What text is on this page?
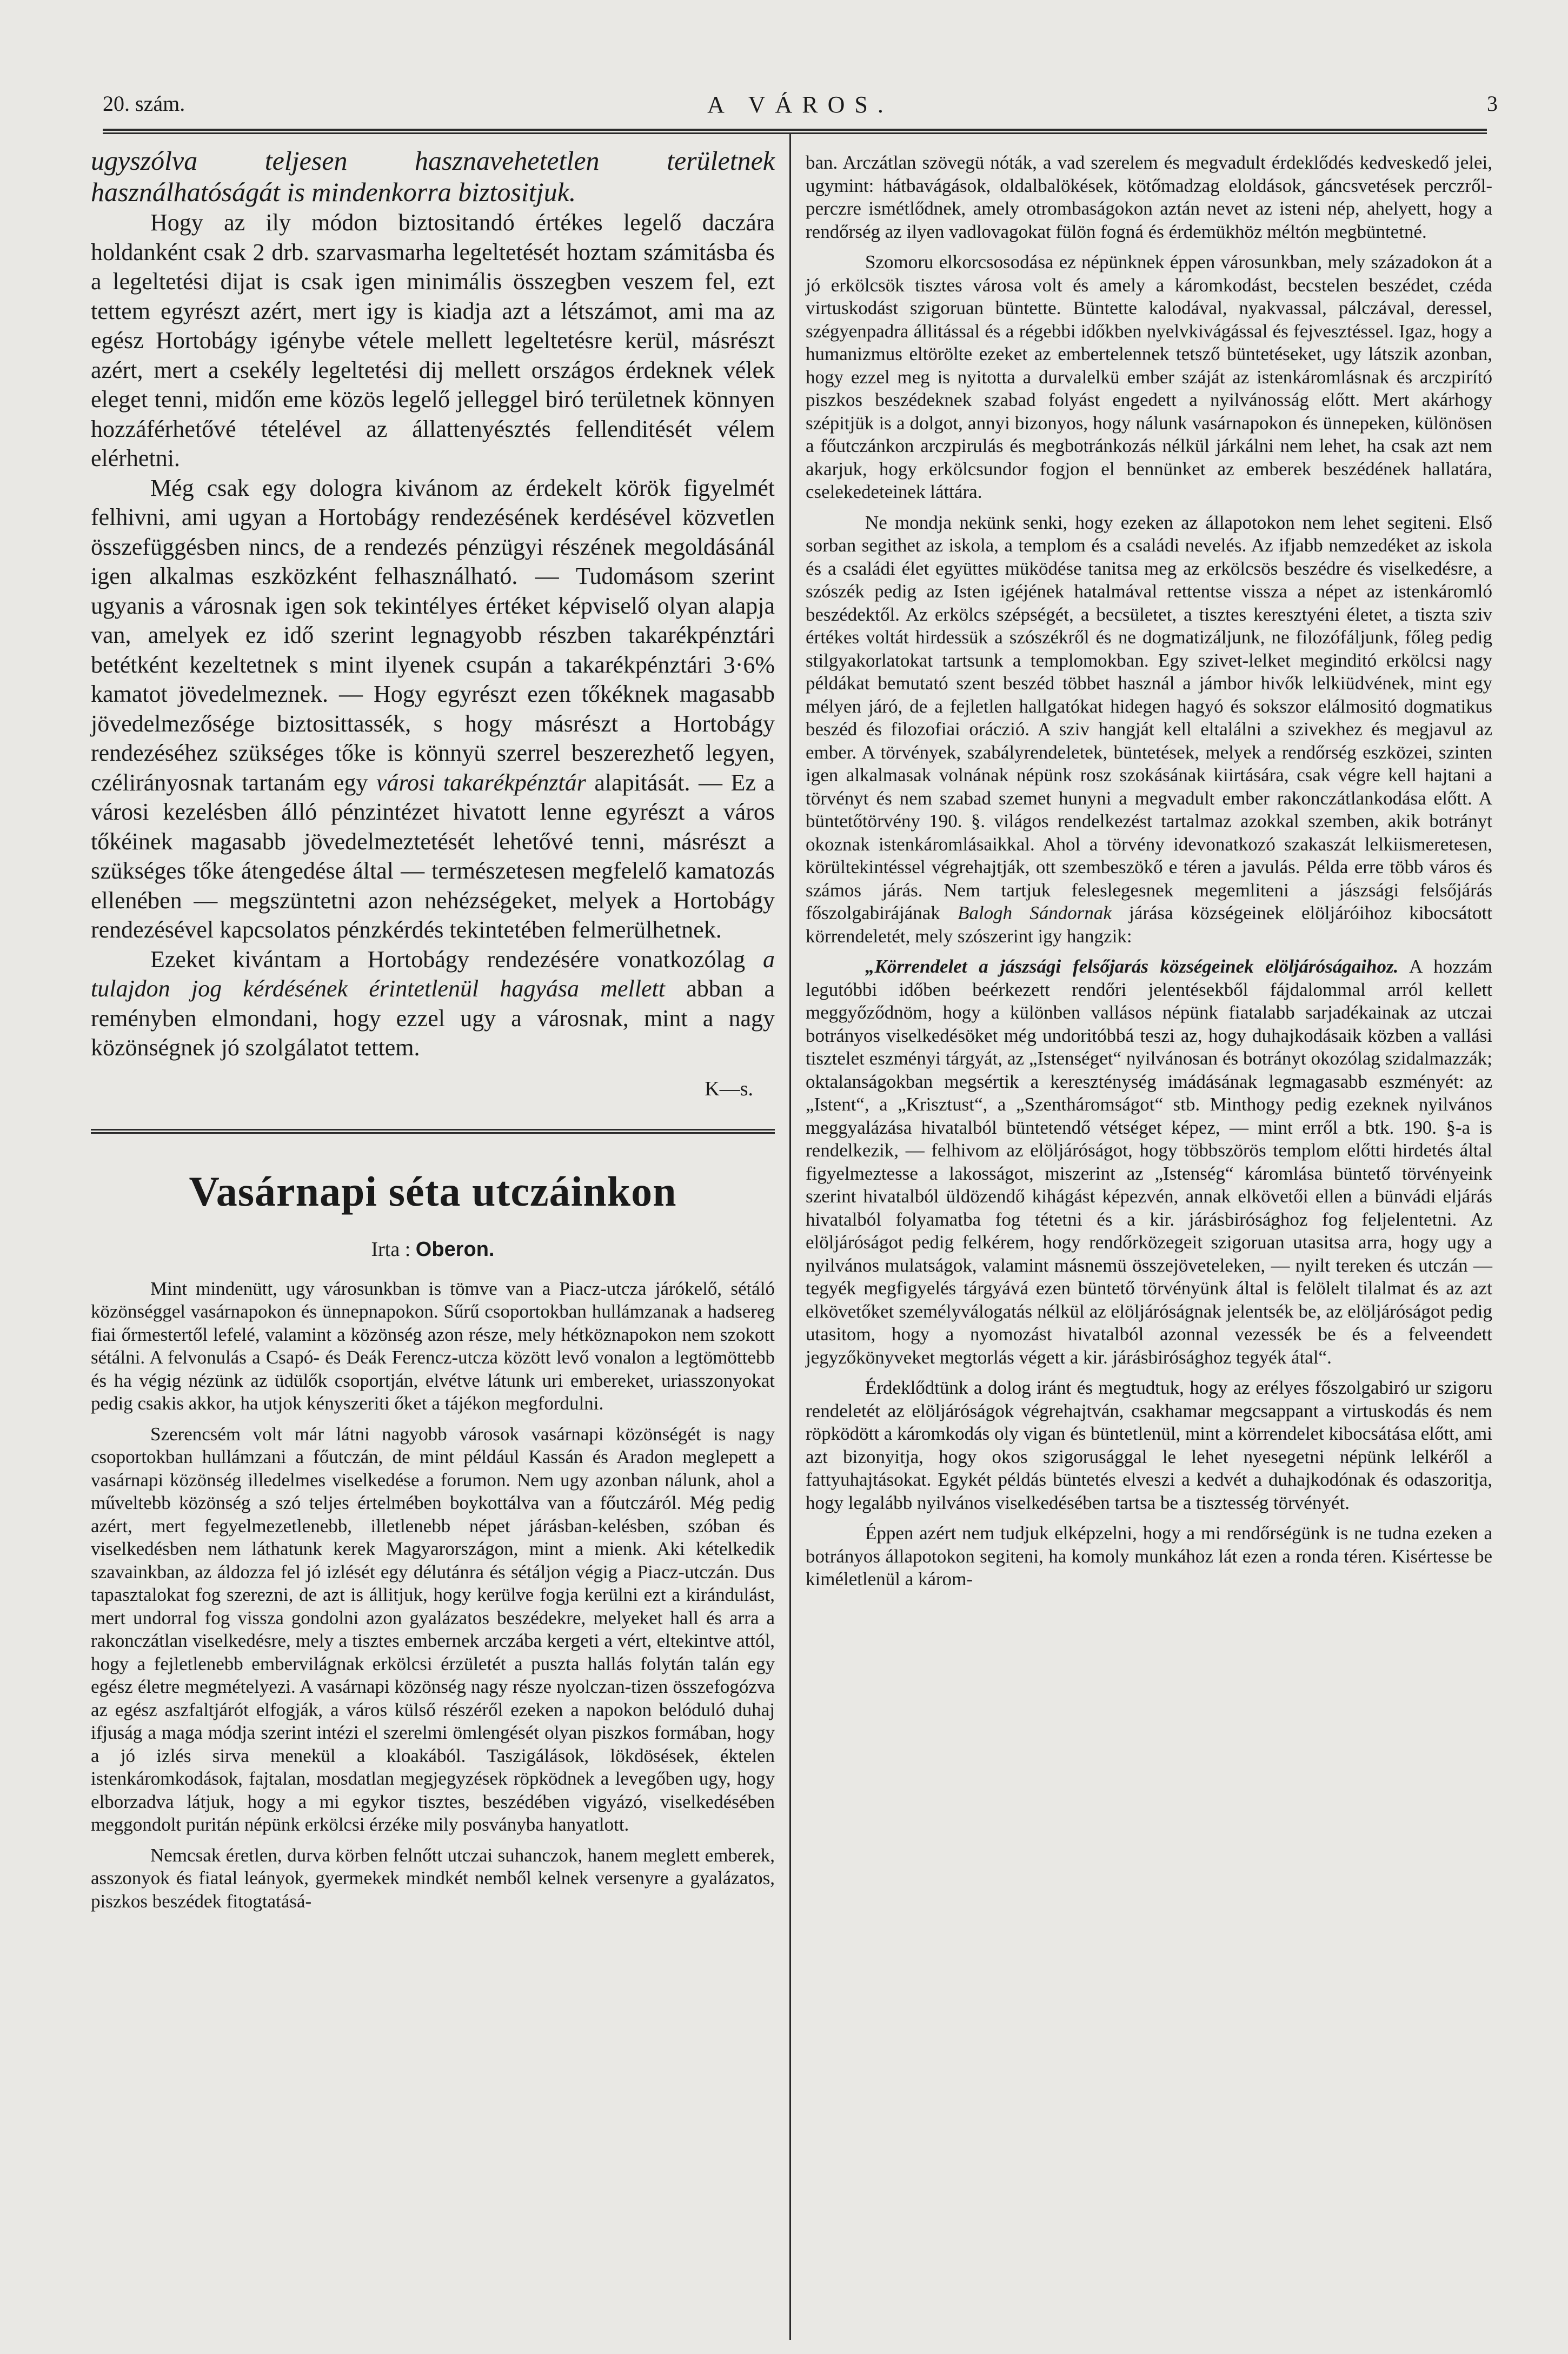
20. szám.	A VÁROS.	3

ugyszólva teljesen hasznavehetetlen területnek használhatóságát is mindenkorra biztositjuk.

Hogy az ily módon biztositandó értékes legelő daczára holdanként csak 2 drb. szarvasmarha legeltetését hoztam számitásba és a legeltetési dijat is csak igen minimális összegben veszem fel, ezt tettem egyrészt azért, mert igy is kiadja azt a létszámot, ami ma az egész Hortobágy igénybe vétele mellett legeltetésre kerül, másrészt azért, mert a csekély legeltetési dij mellett országos érdeknek vélek eleget tenni, midőn eme közös legelő jelleggel biró területnek könnyen hozzáférhetővé tételével az állattenyésztés fellenditését vélem elérhetni.

Még csak egy dologra kivánom az érdekelt körök figyelmét felhivni, ami ugyan a Hortobágy rendezésének kerdésével közvetlen összefüggésben nincs, de a rendezés pénzügyi részének megoldásánál igen alkalmas eszközként felhasználható. — Tudomásom szerint ugyanis a városnak igen sok tekintélyes értéket képviselő olyan alapja van, amelyek ez idő szerint legnagyobb részben takarékpénztári betétként kezeltetnek s mint ilyenek csupán a takarékpénztári 3·6% kamatot jövedelmeznek. — Hogy egyrészt ezen tőkéknek magasabb jövedelmezősége biztosittassék, s hogy másrészt a Hortobágy rendezéséhez szükséges tőke is könnyü szerrel beszerezhető legyen, czélirányosnak tartanám egy városi takarékpénztár alapitását. — Ez a városi kezelésben álló pénzintézet hivatott lenne egyrészt a város tőkéinek magasabb jövedelmeztetését lehetővé tenni, másrészt a szükséges tőke átengedése által — természetesen megfelelő kamatozás ellenében — megszüntetni azon nehézségeket, melyek a Hortobágy rendezésével kapcsolatos pénzkérdés tekintetében felmerülhetnek.

Ezeket kivántam a Hortobágy rendezésére vonatkozólag a tulajdon jog kérdésének érintetlenül hagyása mellett abban a reményben elmondani, hogy ezzel ugy a városnak, mint a nagy közönségnek jó szolgálatot tettem.

K—s.
Vasárnapi séta utczáinkon
Irta : Oberon.

Mint mindenütt, ugy városunkban is tömve van a Piacz-utcza járókelő, sétáló közönséggel vasárnapokon és ünnepnapokon. Sűrű csoportokban hullámzanak a hadsereg fiai őrmestertől lefelé, valamint a közönség azon része, mely hétköznapokon nem szokott sétálni. A felvonulás a Csapó- és Deák Ferencz-utcza között levő vonalon a legtömöttebb és ha végig nézünk az üdülők csoportján, elvétve látunk uri embereket, uriasszonyokat pedig csakis akkor, ha utjok kényszeriti őket a tájékon megfordulni.

Szerencsém volt már látni nagyobb városok vasárnapi közönségét is nagy csoportokban hullámzani a főutczán, de mint például Kassán és Aradon meglepett a vasárnapi közönség illedelmes viselkedése a forumon. Nem ugy azonban nálunk, ahol a műveltebb közönség a szó teljes értelmében boykottálva van a főutczáról. Még pedig azért, mert fegyelmezetlenebb, illetlenebb népet járásban-kelésben, szóban és viselkedésben nem láthatunk kerek Magyarországon, mint a mienk. Aki kételkedik szavainkban, az áldozza fel jó izlését egy délutánra és sétáljon végig a Piacz-utczán. Dus tapasztalokat fog szerezni, de azt is állitjuk, hogy kerülve fogja kerülni ezt a kirándulást, mert undorral fog vissza gondolni azon gyalázatos beszédekre, melyeket hall és arra a rakonczátlan viselkedésre, mely a tisztes embernek arczába kergeti a vért, eltekintve attól, hogy a fejletlenebb embervilágnak erkölcsi érzületét a puszta hallás folytán talán egy egész életre megmételyezi. A vasárnapi közönség nagy része nyolczan-tizen összefogózva az egész aszfaltjárót elfogják, a város külső részéről ezeken a napokon belóduló duhaj ifjuság a maga módja szerint intézi el szerelmi ömlengését olyan piszkos formában, hogy a jó izlés sirva menekül a kloakából. Taszigálások, lökdösések, éktelen istenkáromkodások, fajtalan, mosdatlan megjegyzések röpködnek a levegőben ugy, hogy elborzadva látjuk, hogy a mi egykor tisztes, beszédében vigyázó, viselkedésében meggondolt puritán népünk erkölcsi érzéke mily posványba hanyatlott.

Nemcsak éretlen, durva körben felnőtt utczai suhanczok, hanem meglett emberek, asszonyok és fiatal leányok, gyermekek mindkét nemből kelnek versenyre a gyalázatos, piszkos beszédek fitogtatásá-

ban. Arczátlan szövegü nóták, a vad szerelem és megvadult érdeklődés kedveskedő jelei, ugymint: hátbavágások, oldalbalökések, kötőmadzag eloldások, gáncsvetések perczről-perczre ismétlődnek, amely otrombaságokon aztán nevet az isteni nép, ahelyett, hogy a rendőrség az ilyen vadlovagokat fülön fogná és érdemükhöz méltón megbüntetné.

Szomoru elkorcsosodása ez népünknek éppen városunkban, mely századokon át a jó erkölcsök tisztes városa volt és amely a káromkodást, becstelen beszédet, czéda virtuskodást szigoruan büntette. Büntette kalodával, nyakvassal, pálczával, deressel, szégyenpadra állitással és a régebbi időkben nyelvkivágással és fejvesztéssel. Igaz, hogy a humanizmus eltörölte ezeket az embertelennek tetsző büntetéseket, ugy látszik azonban, hogy ezzel meg is nyitotta a durvalelkü ember száját az istenkáromlásnak és arczpirító piszkos beszédeknek szabad folyást engedett a nyilvánosság előtt. Mert akárhogy szépitjük is a dolgot, annyi bizonyos, hogy nálunk vasárnapokon és ünnepeken, különösen a főutczánkon arczpirulás és megbotránkozás nélkül járkálni nem lehet, ha csak azt nem akarjuk, hogy erkölcsundor fogjon el bennünket az emberek beszédének hallatára, cselekedeteinek láttára.

Ne mondja nekünk senki, hogy ezeken az állapotokon nem lehet segiteni. Első sorban segithet az iskola, a templom és a családi nevelés. Az ifjabb nemzedéket az iskola és a családi élet együttes müködése tanitsa meg az erkölcsös beszédre és viselkedésre, a szószék pedig az Isten igéjének hatalmával rettentse vissza a népet az istenkáromló beszédektől. Az erkölcs szépségét, a becsületet, a tisztes keresztyéni életet, a tiszta sziv értékes voltát hirdessük a szószékről és ne dogmatizáljunk, ne filozófáljunk, főleg pedig stilgyakorlatokat tartsunk a templomokban. Egy szivet-lelket meginditó erkölcsi nagy példákat bemutató szent beszéd többet használ a jámbor hivők lelkiüdvének, mint egy mélyen járó, de a fejletlen hallgatókat hidegen hagyó és sokszor elálmositó dogmatikus beszéd és filozofiai oráczió. A sziv hangját kell eltalálni a szivekhez és megjavul az ember. A törvények, szabályrendeletek, büntetések, melyek a rendőrség eszközei, szinten igen alkalmasak volnának népünk rosz szokásának kiirtására, csak végre kell hajtani a törvényt és nem szabad szemet hunyni a megvadult ember rakonczátlankodása előtt. A büntetőtörvény 190. §. világos rendelkezést tartalmaz azokkal szemben, akik botrányt okoznak istenkáromlásaikkal. Ahol a törvény idevonatkozó szakaszát lelkiismeretesen, körültekintéssel végrehajtják, ott szembeszökő e téren a javulás. Példa erre több város és számos járás. Nem tartjuk feleslegesnek megemliteni a jászsági felsőjárás főszolgabirájának Balogh Sándornak járása községeinek elöljáróihoz kibocsátott körrendeletét, mely szószerint igy hangzik:

„Körrendelet a jászsági felsőjarás községeinek elöljáróságaihoz. A hozzám legutóbbi időben beérkezett rendőri jelentésekből fájdalommal arról kellett meggyőződnöm, hogy a különben vallásos népünk fiatalabb sarjadékainak az utczai botrányos viselkedésöket még undoritóbbá teszi az, hogy duhajkodásaik közben a vallási tisztelet eszményi tárgyát, az „Istenséget“ nyilvánosan és botrányt okozólag szidalmazzák; oktalanságokban megsértik a kereszténység imádásának legmagasabb eszményét: az „Istent“, a „Krisztust“, a „Szentháromságot“ stb. Minthogy pedig ezeknek nyilvános meggyalázása hivatalból büntetendő vétséget képez, — mint erről a btk. 190. §-a is rendelkezik, — felhivom az elöljáróságot, hogy többszörös templom előtti hirdetés által figyelmeztesse a lakosságot, miszerint az „Istenség“ káromlása büntető törvényeink szerint hivatalból üldözendő kihágást képezvén, annak elkövetői ellen a bünvádi eljárás hivatalból folyamatba fog tétetni és a kir. járásbirósághoz fog feljelentetni. Az elöljáróságot pedig felkérem, hogy rendőrközegeit szigoruan utasitsa arra, hogy ugy a nyilvános mulatságok, valamint másnemü összejöveteleken, — nyilt tereken és utczán — tegyék megfigyelés tárgyává ezen büntető törvényünk által is felölelt tilalmat és az azt elkövetőket személyválogatás nélkül az elöljáróságnak jelentsék be, az elöljáróságot pedig utasitom, hogy a nyomozást hivatalból azonnal vezessék be és a felveendett jegyzőkönyveket megtorlás végett a kir. járásbirósághoz tegyék átal“.

Érdeklődtünk a dolog iránt és megtudtuk, hogy az erélyes főszolgabiró ur szigoru rendeletét az elöljáróságok végrehajtván, csakhamar megcsappant a virtuskodás és nem röpködött a káromkodás oly vigan és büntetlenül, mint a körrendelet kibocsátása előtt, ami azt bizonyitja, hogy okos szigorusággal le lehet nyesegetni népünk lelkéről a fattyuhajtásokat. Egykét példás büntetés elveszi a kedvét a duhajkodónak és odaszoritja, hogy legalább nyilvános viselkedésében tartsa be a tisztesség törvényét.

Éppen azért nem tudjuk elképzelni, hogy a mi rendőrségünk is ne tudna ezeken a botrányos állapotokon segiteni, ha komoly munkához lát ezen a ronda téren. Kisértesse be kiméletlenül a károm-
